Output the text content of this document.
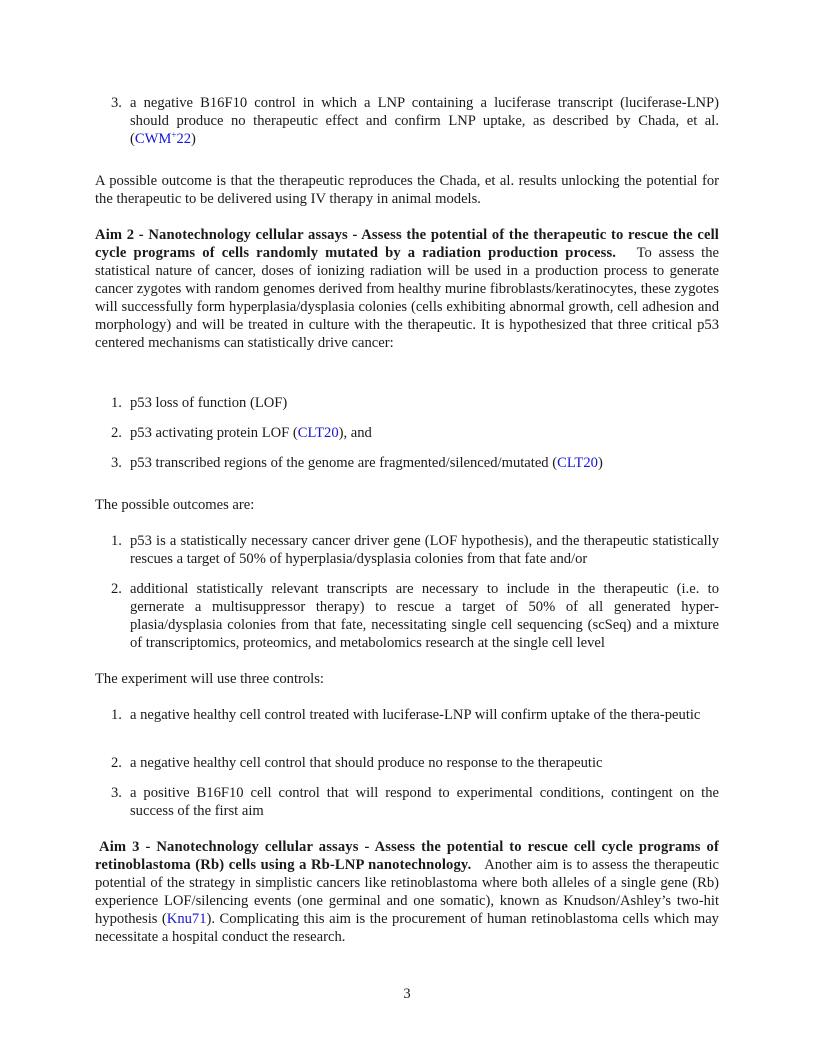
3. a negative B16F10 control in which a LNP containing a luciferase transcript (luciferase-LNP) should produce no therapeutic effect and confirm LNP uptake, as described by Chada, et al. (CWM+22)

A possible outcome is that the therapeutic reproduces the Chada, et al. results unlocking the potential for the therapeutic to be delivered using IV therapy in animal models.

Aim 2 - Nanotechnology cellular assays - Assess the potential of the therapeutic to rescue the cell cycle programs of cells randomly mutated by a radiation production process. To assess the statistical nature of cancer, doses of ionizing radiation will be used in a production process to generate cancer zygotes with random genomes derived from healthy murine fibroblasts/keratinocytes, these zygotes will successfully form hyperplasia/dysplasia colonies (cells exhibiting abnormal growth, cell adhesion and morphology) and will be treated in culture with the therapeutic. It is hypothesized that three critical p53 centered mechanisms can statistically drive cancer:

1. p53 loss of function (LOF)
2. p53 activating protein LOF (CLT20), and
3. p53 transcribed regions of the genome are fragmented/silenced/mutated (CLT20)

The possible outcomes are:

1. p53 is a statistically necessary cancer driver gene (LOF hypothesis), and the therapeutic statistically rescues a target of 50% of hyperplasia/dysplasia colonies from that fate and/or
2. additional statistically relevant transcripts are necessary to include in the therapeutic (i.e. to gernerate a multisuppressor therapy) to rescue a target of 50% of all generated hyper-plasia/dysplasia colonies from that fate, necessitating single cell sequencing (scSeq) and a mixture of transcriptomics, proteomics, and metabolomics research at the single cell level

The experiment will use three controls:

1. a negative healthy cell control treated with luciferase-LNP will confirm uptake of the thera-peutic
2. a negative healthy cell control that should produce no response to the therapeutic
3. a positive B16F10 cell control that will respond to experimental conditions, contingent on the success of the first aim

Aim 3 - Nanotechnology cellular assays - Assess the potential to rescue cell cycle programs of retinoblastoma (Rb) cells using a Rb-LNP nanotechnology. Another aim is to assess the therapeutic potential of the strategy in simplistic cancers like retinoblastoma where both alleles of a single gene (Rb) experience LOF/silencing events (one germinal and one somatic), known as Knudson/Ashley’s two-hit hypothesis (Knu71). Complicating this aim is the procurement of human retinoblastoma cells which may necessitate a hospital conduct the research.

3
